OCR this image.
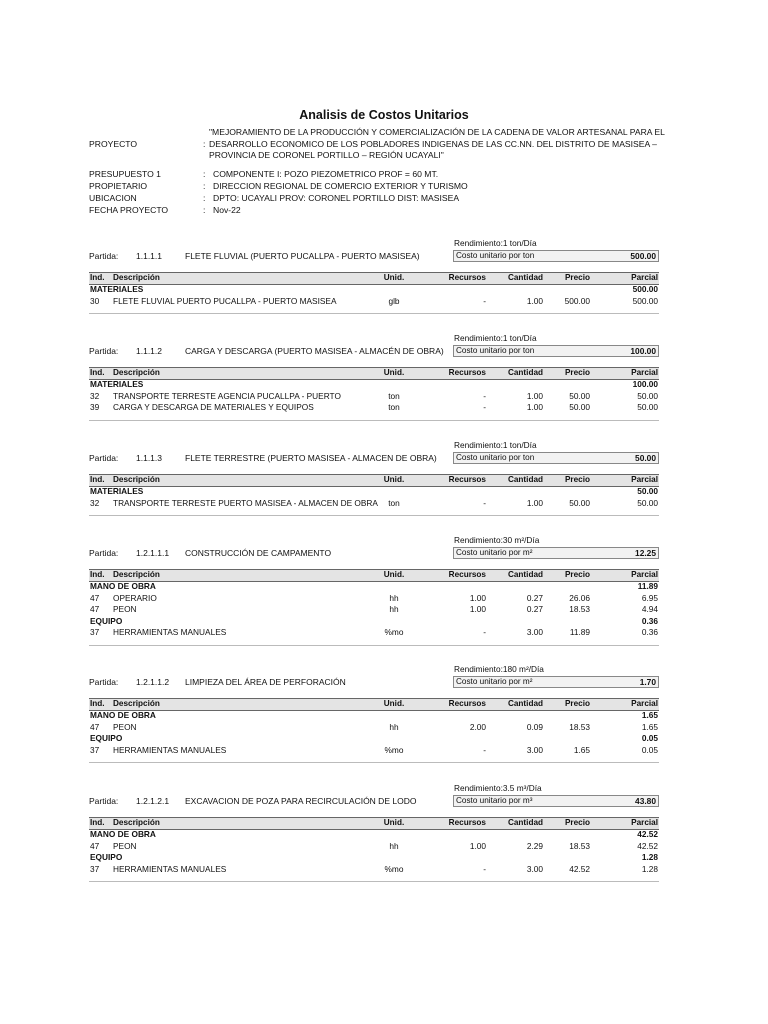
Analisis de Costos Unitarios
PROYECTO	:
"MEJORAMIENTO DE LA PRODUCCIÓN Y COMERCIALIZACIÓN DE LA CADENA DE VALOR ARTESANAL PARA EL
DESARROLLO ECONOMICO DE LOS POBLADORES INDIGENAS DE LAS CC.NN. DEL DISTRITO DE MASISEA –
PROVINCIA DE CORONEL PORTILLO – REGIÓN UCAYALI"
PRESUPUESTO 1	: COMPONENTE I: POZO PIEZOMETRICO PROF = 60 MT.
PROPIETARIO	: DIRECCION REGIONAL DE COMERCIO EXTERIOR Y TURISMO
UBICACION	: DPTO: UCAYALI PROV: CORONEL PORTILLO DIST: MASISEA
FECHA PROYECTO	: Nov-22
Rendimiento:1 ton/Día
Partida: 1.1.1.1	FLETE FLUVIAL (PUERTO PUCALLPA - PUERTO MASISEA)	Costo unitario por ton	500.00
Ind. Descripción	Unid.	Recursos	Cantidad	Precio	Parcial
MATERIALES	500.00
30 FLETE FLUVIAL PUERTO PUCALLPA - PUERTO MASISEA	glb	-	1.00	500.00	500.00
Rendimiento:1 ton/Día
Partida: 1.1.1.2	CARGA Y DESCARGA (PUERTO MASISEA - ALMACÉN DE OBRA) Costo unitario por ton	100.00
Ind. Descripción	Unid.	Recursos	Cantidad	Precio	Parcial
MATERIALES	100.00
32 TRANSPORTE TERRESTE AGENCIA PUCALLPA - PUERTO	ton	-	1.00	50.00	50.00
39 CARGA Y DESCARGA DE MATERIALES Y EQUIPOS	ton	-	1.00	50.00	50.00
Rendimiento:1 ton/Día
Partida: 1.1.1.3	FLETE TERRESTRE (PUERTO MASISEA - ALMACEN DE OBRA) Costo unitario por ton	50.00
Ind. Descripción	Unid.	Recursos	Cantidad	Precio	Parcial
MATERIALES	50.00
32 TRANSPORTE TERRESTE PUERTO MASISEA - ALMACEN DE OBRA	ton	-	1.00	50.00	50.00
Rendimiento:30 m²/Día
Partida: 1.2.1.1.1 CONSTRUCCIÓN DE CAMPAMENTO	Costo unitario por m²	12.25
Ind. Descripción	Unid.	Recursos	Cantidad	Precio	Parcial
MANO DE OBRA	11.89
47 OPERARIO	hh	1.00	0.27	26.06	6.95
47 PEON	hh	1.00	0.27	18.53	4.94
EQUIPO	0.36
37 HERRAMIENTAS MANUALES	%mo	-	3.00	11.89	0.36
Rendimiento:180 m²/Día
Partida: 1.2.1.1.2 LIMPIEZA DEL ÁREA DE PERFORACIÓN	Costo unitario por m²	1.70
Ind. Descripción	Unid.	Recursos	Cantidad	Precio	Parcial
MANO DE OBRA	1.65
47 PEON	hh	2.00	0.09	18.53	1.65
EQUIPO	0.05
37 HERRAMIENTAS MANUALES	%mo	-	3.00	1.65	0.05
Rendimiento:3.5 m³/Día
Partida: 1.2.1.2.1 EXCAVACION DE POZA PARA RECIRCULACIÓN DE LODO	Costo unitario por m³	43.80
Ind. Descripción	Unid.	Recursos	Cantidad	Precio	Parcial
MANO DE OBRA	42.52
47 PEON	hh	1.00	2.29	18.53	42.52
EQUIPO	1.28
37 HERRAMIENTAS MANUALES	%mo	-	3.00	42.52	1.28
